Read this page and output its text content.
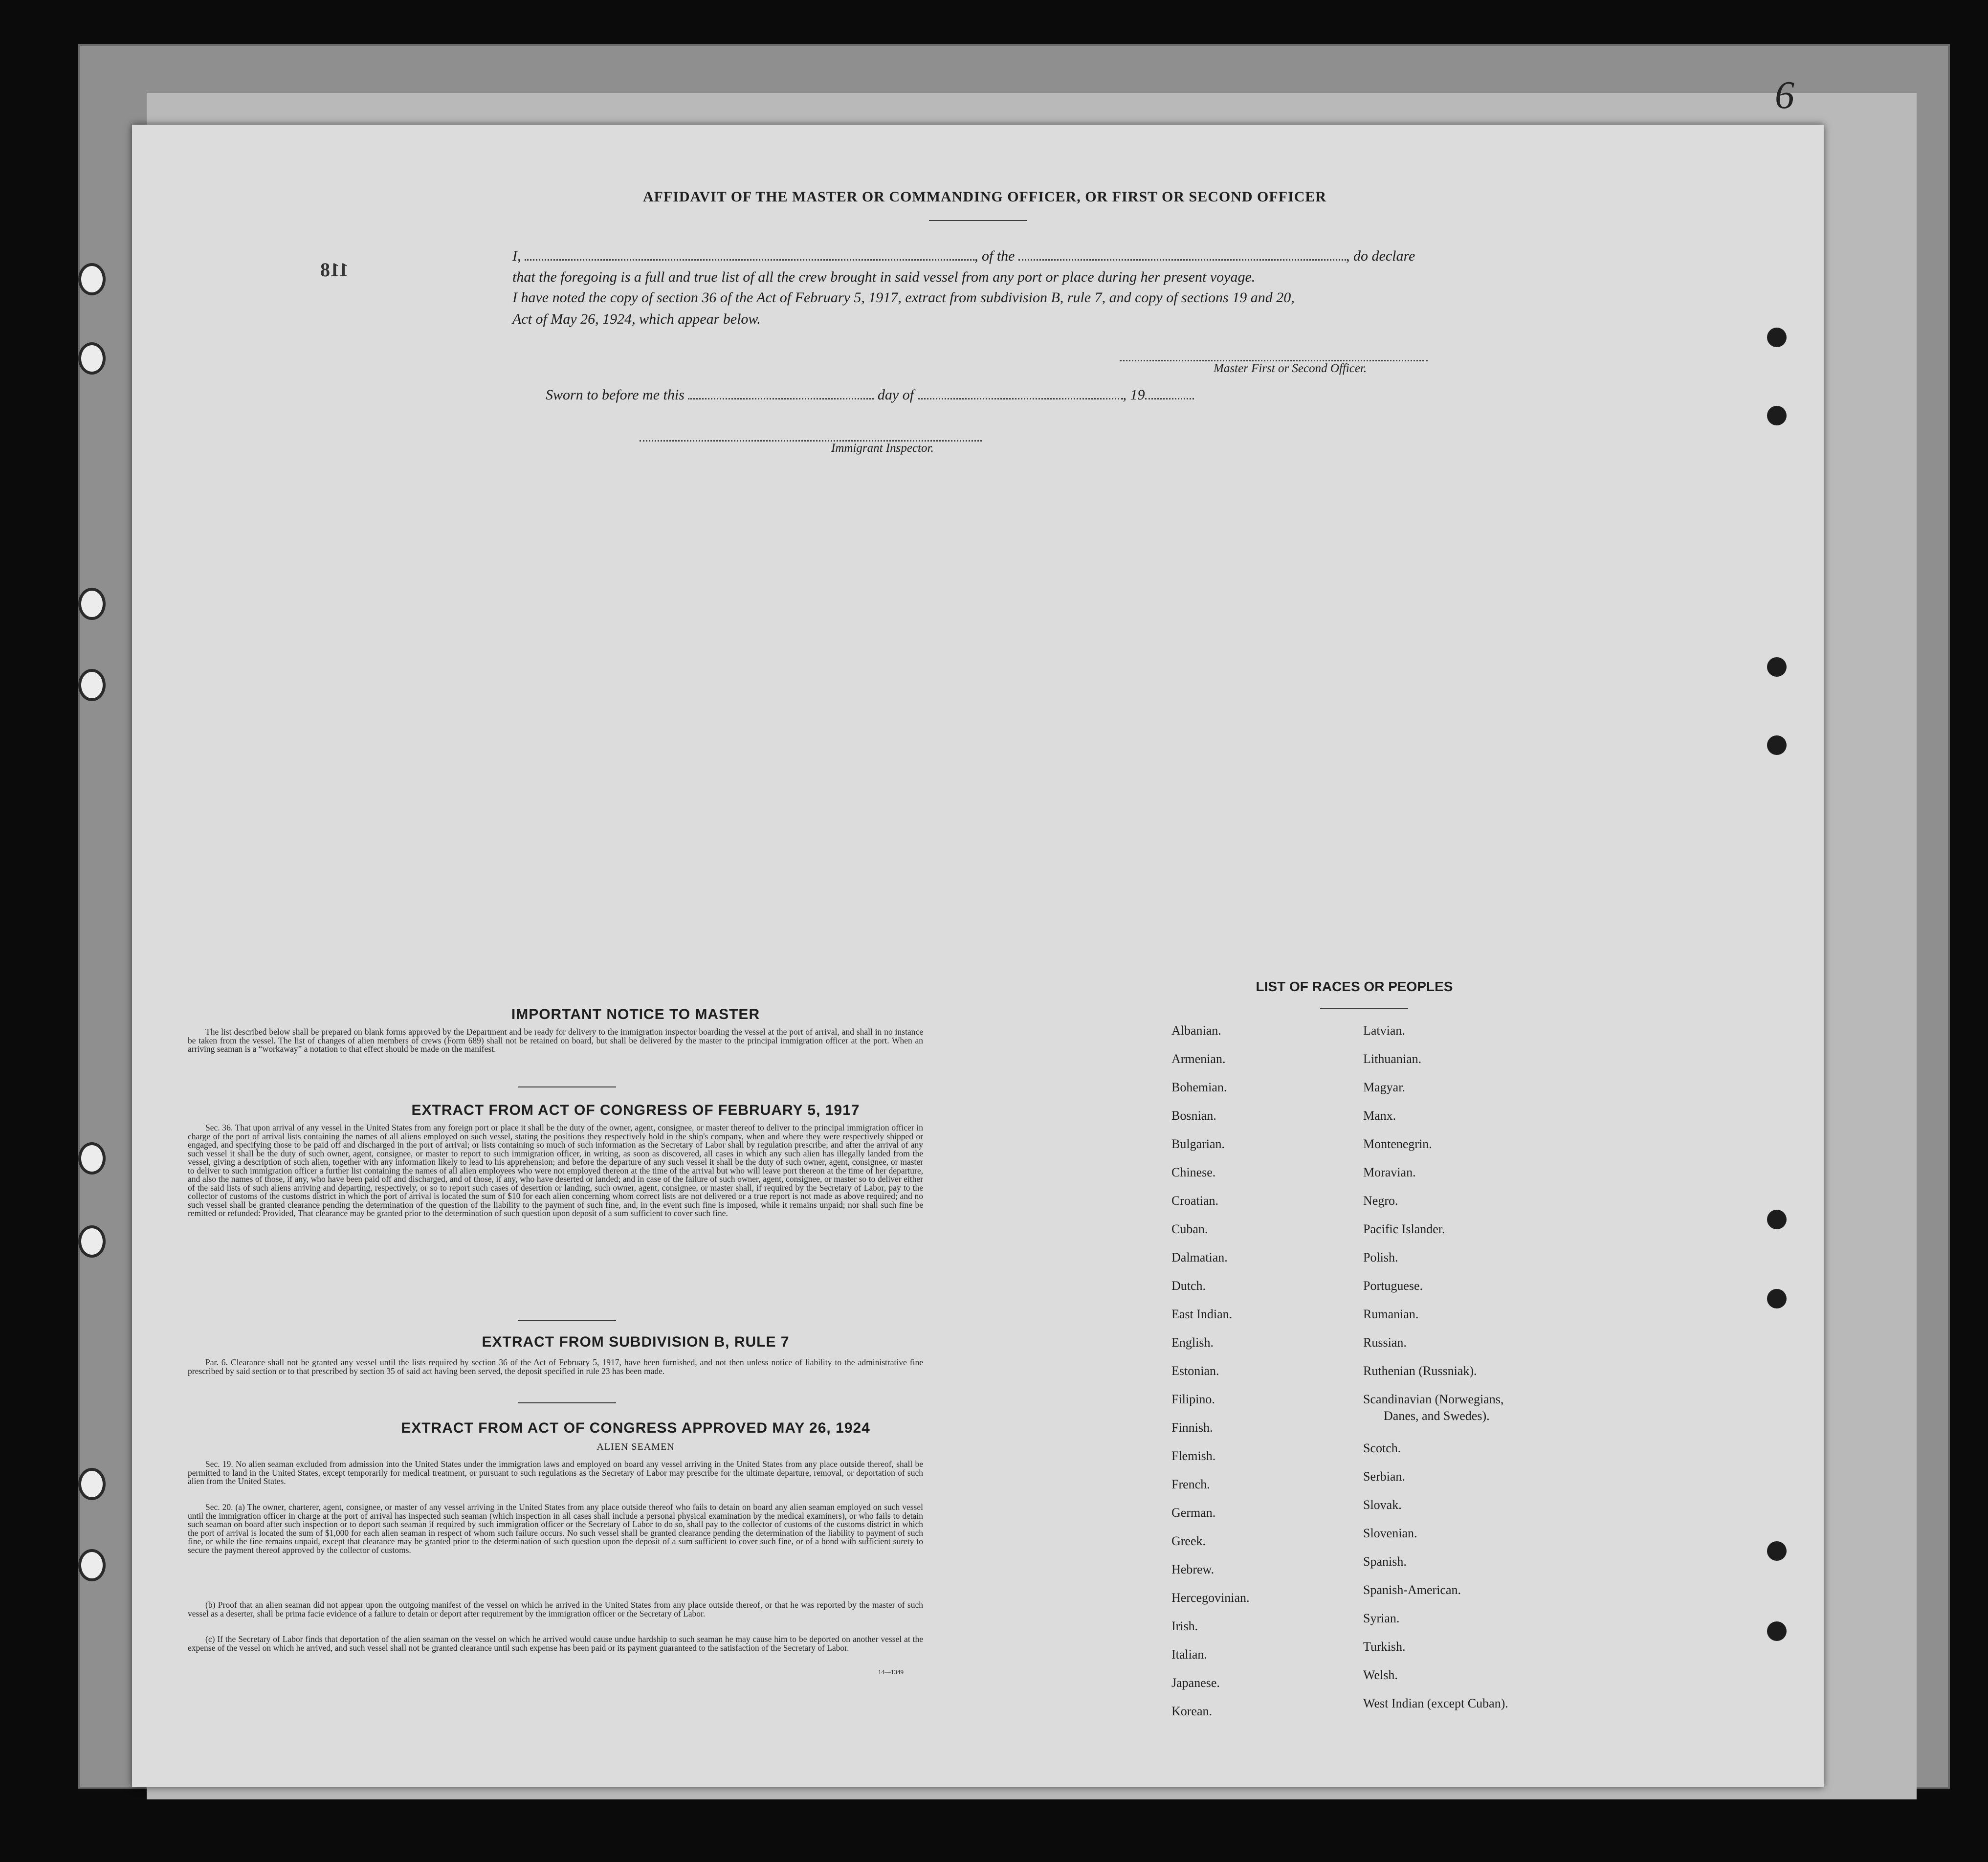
6
118
AFFIDAVIT OF THE MASTER OR COMMANDING OFFICER, OR FIRST OR SECOND OFFICER
I,	, of the	, do declare
that the foregoing is a full and true list of all the crew brought in said vessel from any port or place during her present voyage.
I have noted the copy of section 36 of the Act of February 5, 1917, extract from subdivision B, rule 7, and copy of sections 19 and 20,
Act of May 26, 1924, which appear below.
Master First or Second Officer.
Sworn to before me this	day of	, 19
Immigrant Inspector.
IMPORTANT NOTICE TO MASTER
The list described below shall be prepared on blank forms approved by the Department and be ready for delivery to the immigration inspector boarding the vessel at the port of arrival, and shall in no instance be taken from the vessel. The list of changes of alien members of crews (Form 689) shall not be retained on board, but shall be delivered by the master to the principal immigration officer at the port. When an arriving seaman is a “workaway” a notation to that effect should be made on the manifest.
EXTRACT FROM ACT OF CONGRESS OF FEBRUARY 5, 1917
Sec. 36. That upon arrival of any vessel in the United States from any foreign port or place it shall be the duty of the owner, agent, consignee, or master thereof to deliver to the principal immigration officer in charge of the port of arrival lists containing the names of all aliens employed on such vessel, stating the positions they respectively hold in the ship's company, when and where they were respectively shipped or engaged, and specifying those to be paid off and discharged in the port of arrival; or lists containing so much of such information as the Secretary of Labor shall by regulation prescribe; and after the arrival of any such vessel it shall be the duty of such owner, agent, consignee, or master to report to such immigration officer, in writing, as soon as discovered, all cases in which any such alien has illegally landed from the vessel, giving a description of such alien, together with any information likely to lead to his apprehension; and before the departure of any such vessel it shall be the duty of such owner, agent, consignee, or master to deliver to such immigration officer a further list containing the names of all alien employees who were not employed thereon at the time of the arrival but who will leave port thereon at the time of her departure, and also the names of those, if any, who have been paid off and discharged, and of those, if any, who have deserted or landed; and in case of the failure of such owner, agent, consignee, or master so to deliver either of the said lists of such aliens arriving and departing, respectively, or so to report such cases of desertion or landing, such owner, agent, consignee, or master shall, if required by the Secretary of Labor, pay to the collector of customs of the customs district in which the port of arrival is located the sum of $10 for each alien concerning whom correct lists are not delivered or a true report is not made as above required; and no such vessel shall be granted clearance pending the determination of the question of the liability to the payment of such fine, and, in the event such fine is imposed, while it remains unpaid; nor shall such fine be remitted or refunded: Provided, That clearance may be granted prior to the determination of such question upon deposit of a sum sufficient to cover such fine.
EXTRACT FROM SUBDIVISION B, RULE 7
Par. 6. Clearance shall not be granted any vessel until the lists required by section 36 of the Act of February 5, 1917, have been furnished, and not then unless notice of liability to the administrative fine prescribed by said section or to that prescribed by section 35 of said act having been served, the deposit specified in rule 23 has been made.
EXTRACT FROM ACT OF CONGRESS APPROVED MAY 26, 1924
ALIEN SEAMEN
Sec. 19. No alien seaman excluded from admission into the United States under the immigration laws and employed on board any vessel arriving in the United States from any place outside thereof, shall be permitted to land in the United States, except temporarily for medical treatment, or pursuant to such regulations as the Secretary of Labor may prescribe for the ultimate departure, removal, or deportation of such alien from the United States.
Sec. 20. (a) The owner, charterer, agent, consignee, or master of any vessel arriving in the United States from any place outside thereof who fails to detain on board any alien seaman employed on such vessel until the immigration officer in charge at the port of arrival has inspected such seaman (which inspection in all cases shall include a personal physical examination by the medical examiners), or who fails to detain such seaman on board after such inspection or to deport such seaman if required by such immigration officer or the Secretary of Labor to do so, shall pay to the collector of customs of the customs district in which the port of arrival is located the sum of $1,000 for each alien seaman in respect of whom such failure occurs. No such vessel shall be granted clearance pending the determination of the liability to payment of such fine, or while the fine remains unpaid, except that clearance may be granted prior to the determination of such question upon the deposit of a sum sufficient to cover such fine, or of a bond with sufficient surety to secure the payment thereof approved by the collector of customs.
(b) Proof that an alien seaman did not appear upon the outgoing manifest of the vessel on which he arrived in the United States from any place outside thereof, or that he was reported by the master of such vessel as a deserter, shall be prima facie evidence of a failure to detain or deport after requirement by the immigration officer or the Secretary of Labor.
(c) If the Secretary of Labor finds that deportation of the alien seaman on the vessel on which he arrived would cause undue hardship to such seaman he may cause him to be deported on another vessel at the expense of the vessel on which he arrived, and such vessel shall not be granted clearance until such expense has been paid or its payment guaranteed to the satisfaction of the Secretary of Labor.
14—1349
LIST OF RACES OR PEOPLES
Albanian.
Armenian.
Bohemian.
Bosnian.
Bulgarian.
Chinese.
Croatian.
Cuban.
Dalmatian.
Dutch.
East Indian.
English.
Estonian.
Filipino.
Finnish.
Flemish.
French.
German.
Greek.
Hebrew.
Hercegovinian.
Irish.
Italian.
Japanese.
Korean.
Latvian.
Lithuanian.
Magyar.
Manx.
Montenegrin.
Moravian.
Negro.
Pacific Islander.
Polish.
Portuguese.
Rumanian.
Russian.
Ruthenian (Russniak).
Scandinavian (Norwegians,
Danes, and Swedes).
Scotch.
Serbian.
Slovak.
Slovenian.
Spanish.
Spanish-American.
Syrian.
Turkish.
Welsh.
West Indian (except Cuban).
